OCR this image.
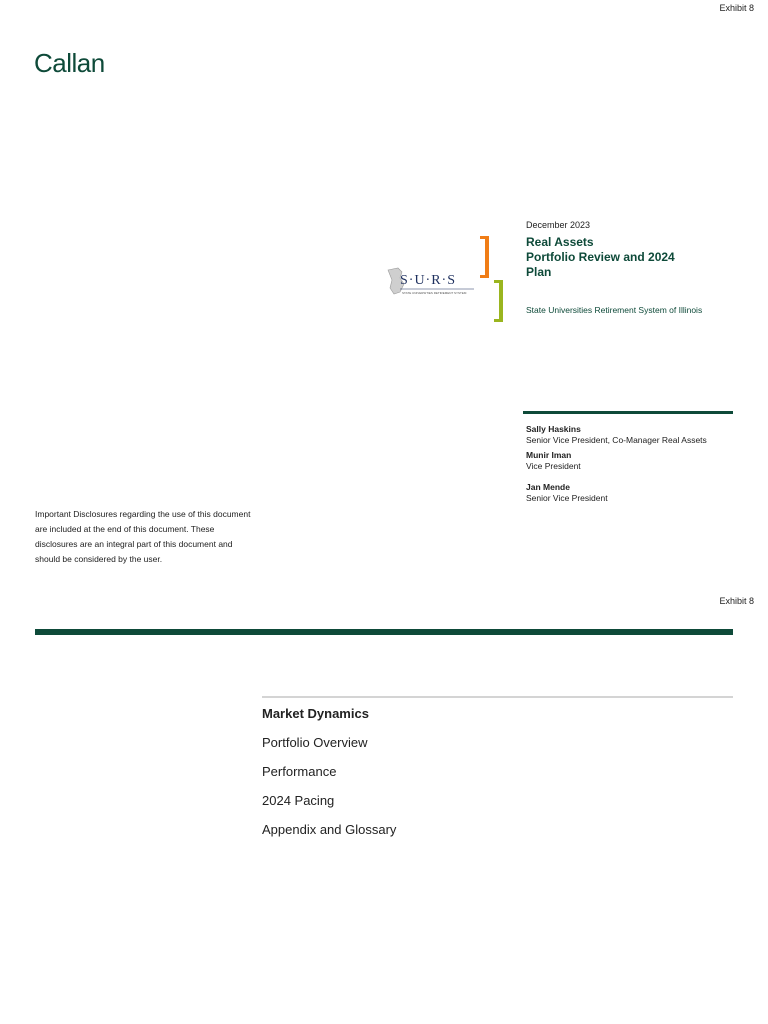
Exhibit 8
Callan
S·U·R·S
STATE UNIVERSITIES RETIREMENT SYSTEM
December 2023
Real Assets
Portfolio Review and 2024
Plan
State Universities Retirement System of Illinois
Sally Haskins
Senior Vice President, Co-Manager Real Assets
Munir Iman
Vice President
Jan Mende
Senior Vice President
Important Disclosures regarding the use of this document
are included at the end of this document. These
disclosures are an integral part of this document and
should be considered by the user.
Exhibit 8
Market Dynamics
Portfolio Overview
Performance
2024 Pacing
Appendix and Glossary
